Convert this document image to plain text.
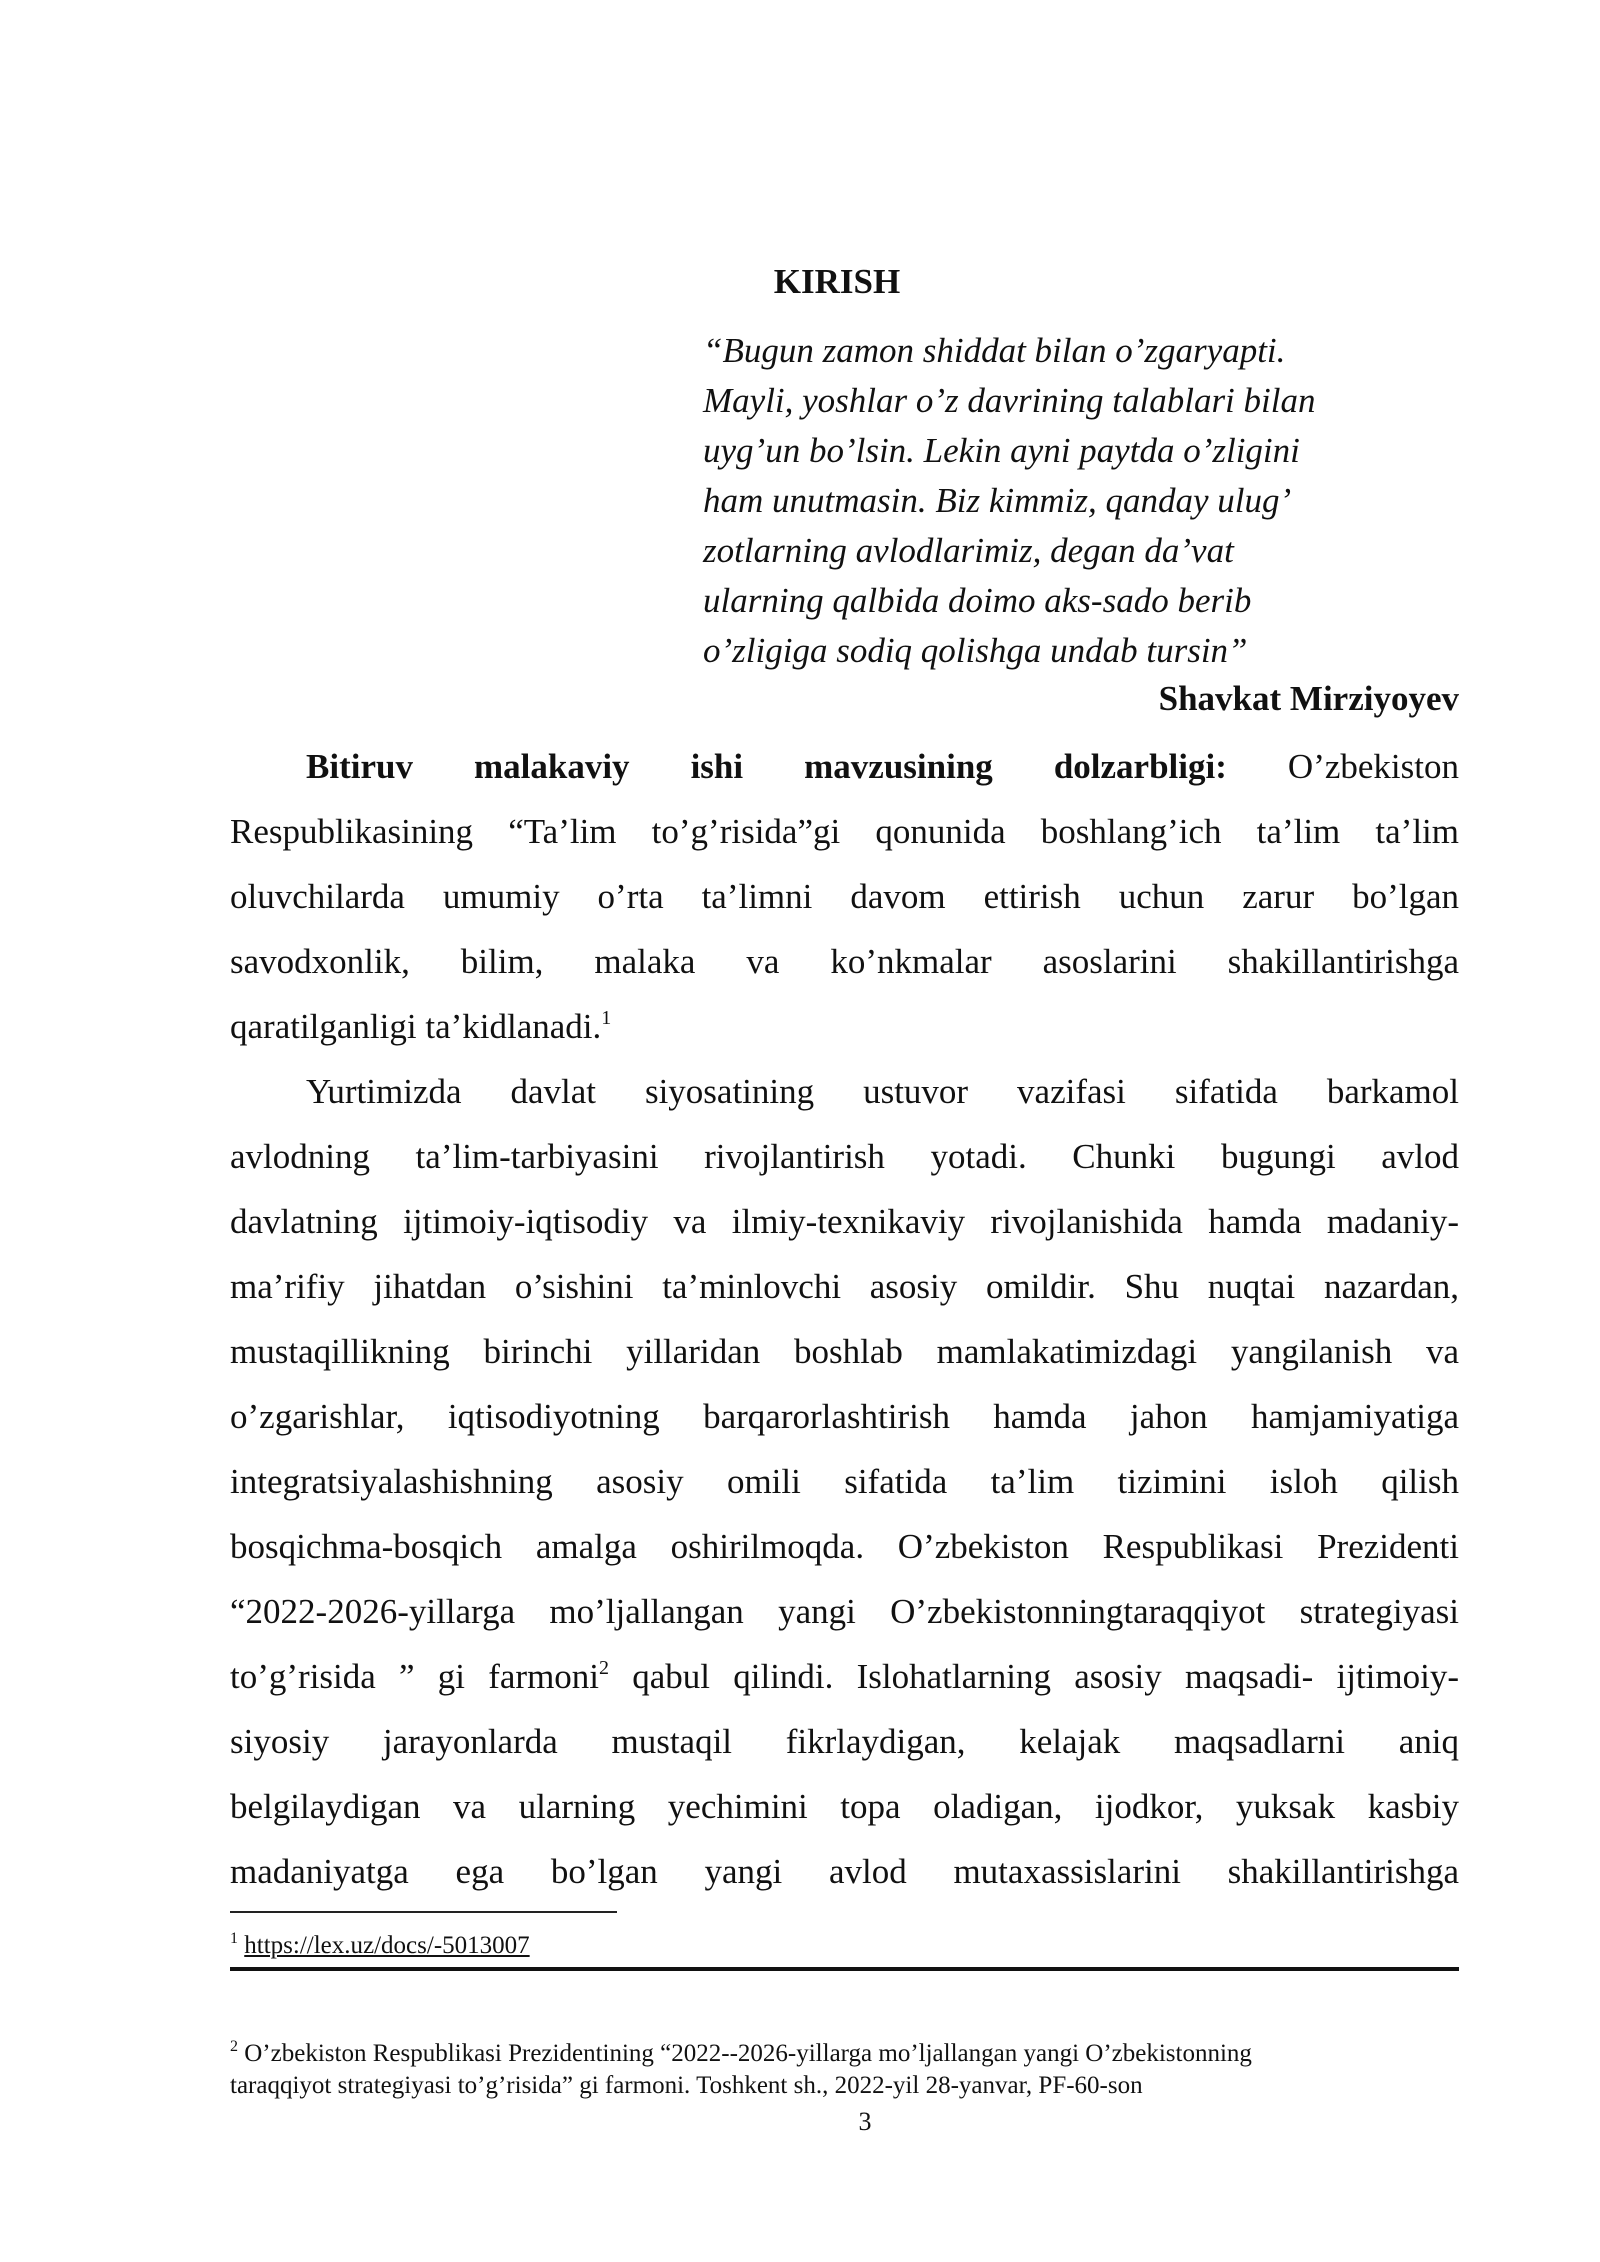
KIRISH
“Bugun zamon shiddat bilan o’zgaryapti.
Mayli, yoshlar o’z davrining talablari bilan
uyg’un bo’lsin. Lekin ayni paytda o’zligini
ham unutmasin. Biz kimmiz, qanday ulug’
zotlarning avlodlarimiz, degan da’vat
ularning qalbida doimo aks-sado berib
o’zligiga sodiq qolishga undab tursin”
Shavkat Mirziyoyev
Bitiruv malakaviy ishi mavzusining dolzarbligi: O’zbekiston
Respublikasining “Ta’lim to’g’risida”gi qonunida boshlang’ich ta’lim ta’lim
oluvchilarda umumiy o’rta ta’limni davom ettirish uchun zarur bo’lgan
savodxonlik, bilim, malaka va ko’nkmalar asoslarini shakillantirishga
qaratilganligi ta’kidlanadi.$^1$
Yurtimizda davlat siyosatining ustuvor vazifasi sifatida barkamol
avlodning ta’lim-tarbiyasini rivojlantirish yotadi. Chunki bugungi avlod
davlatning ijtimoiy-iqtisodiy va ilmiy-texnikaviy rivojlanishida hamda madaniy-
ma’rifiy jihatdan o’sishini ta’minlovchi asosiy omildir. Shu nuqtai nazardan,
mustaqillikning birinchi yillaridan boshlab mamlakatimizdagi yangilanish va
o’zgarishlar, iqtisodiyotning barqarorlashtirish hamda jahon hamjamiyatiga
integratsiyalashishning asosiy omili sifatida ta’lim tizimini isloh qilish
bosqichma-bosqich amalga oshirilmoqda. O’zbekiston Respublikasi Prezidenti
“2022-2026-yillarga mo’ljallangan yangi O’zbekistonningtaraqqiyot strategiyasi
to’g’risida ” gi farmoni$^2$ qabul qilindi. Islohatlarning asosiy maqsadi- ijtimoiy-
siyosiy jarayonlarda mustaqil fikrlaydigan, kelajak maqsadlarni aniq
belgilaydigan va ularning yechimini topa oladigan, ijodkor, yuksak kasbiy
madaniyatga ega bo’lgan yangi avlod mutaxassislarini shakillantirishga
$^1$ https://lex.uz/docs/-5013007
$^2$ O’zbekiston Respublikasi Prezidentining “2022--2026-yillarga mo’ljallangan yangi O’zbekistonning
taraqqiyot strategiyasi to’g’risida” gi farmoni. Toshkent sh., 2022-yil 28-yanvar, PF-60-son
3
